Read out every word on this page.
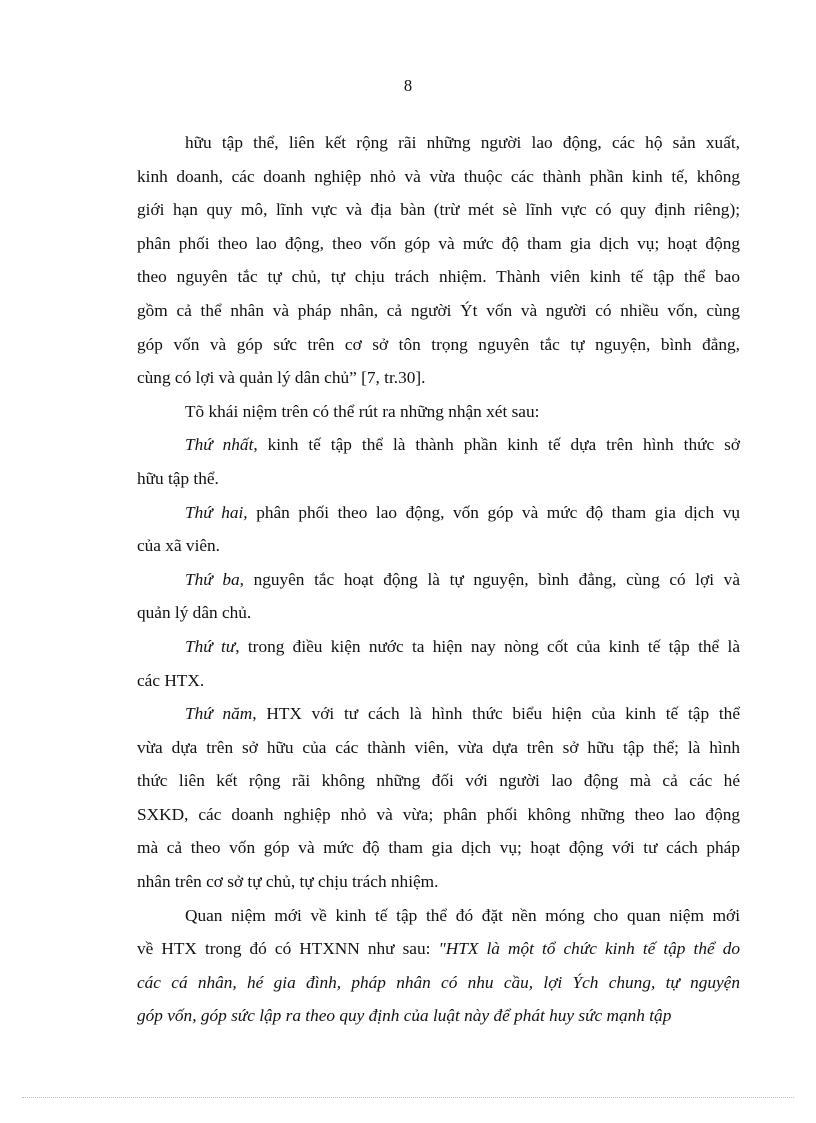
8
hữu tập thể, liên kết rộng rãi những người lao động, các hộ sản xuất,
kinh doanh, các doanh nghiệp nhỏ và vừa thuộc các thành phần kinh tế, không
giới hạn quy mô, lĩnh vực và địa bàn (trừ mét sè lĩnh vực có quy định riêng);
phân phối theo lao động, theo vốn góp và mức độ tham gia dịch vụ; hoạt động
theo nguyên tắc tự chủ, tự chịu trách nhiệm. Thành viên kinh tế tập thể bao
gồm cả thể nhân và pháp nhân, cả người Ýt vốn và người có nhiều vốn, cùng
góp vốn và góp sức trên cơ sở tôn trọng nguyên tắc tự nguyện, bình đẳng,
cùng có lợi và quản lý dân chủ” [7, tr.30].
Tõ khái niệm trên có thể rút ra những nhận xét sau:
Thứ nhất, kinh tế tập thể là thành phần kinh tế dựa trên hình thức sở
hữu tập thể.
Thứ hai, phân phối theo lao động, vốn góp và mức độ tham gia dịch vụ
của xã viên.
Thứ ba, nguyên tắc hoạt động là tự nguyện, bình đẳng, cùng có lợi và
quản lý dân chủ.
Thứ tư, trong điều kiện nước ta hiện nay nòng cốt của kinh tế tập thể là
các HTX.
Thứ năm, HTX với tư cách là hình thức biểu hiện của kinh tế tập thể
vừa dựa trên sở hữu của các thành viên, vừa dựa trên sở hữu tập thể; là hình
thức liên kết rộng rãi không những đối với người lao động mà cả các hé
SXKD, các doanh nghiệp nhỏ và vừa; phân phối không những theo lao động
mà cả theo vốn góp và mức độ tham gia dịch vụ; hoạt động với tư cách pháp
nhân trên cơ sở tự chủ, tự chịu trách nhiệm.
Quan niệm mới về kinh tế tập thể đó đặt nền móng cho quan niệm mới
về HTX trong đó có HTXNN như sau: "HTX là một tổ chức kinh tế tập thể do
các cá nhân, hé gia đình, pháp nhân có nhu cầu, lợi Ých chung, tự nguyện
góp vốn, góp sức lập ra theo quy định của luật này để phát huy sức mạnh tập
